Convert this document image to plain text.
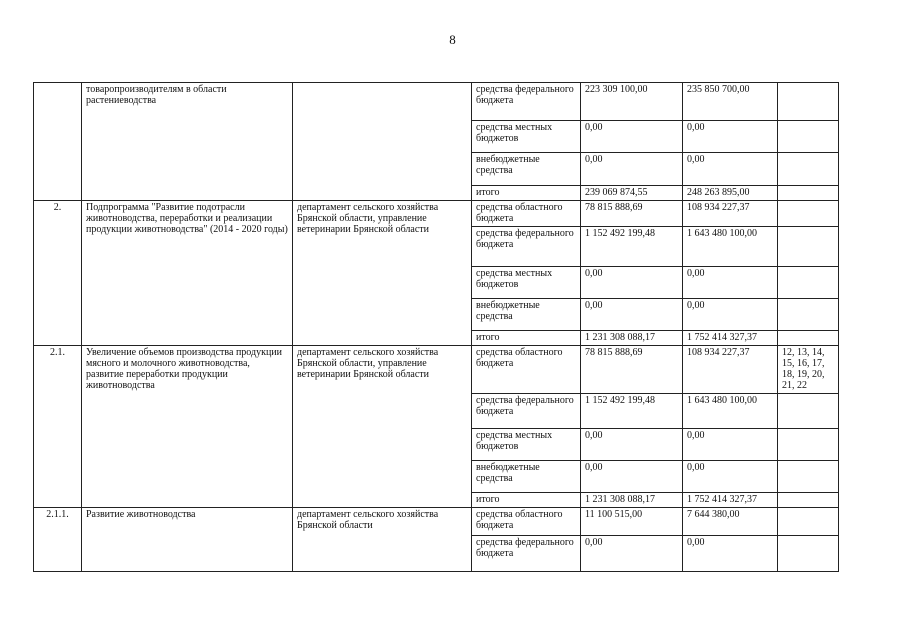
8
	товаропроизводителям в области растениеводства		средства федерального бюджета	223 309 100,00	235 850 700,00	
			средства местных бюджетов	0,00	0,00	
			внебюджетные средства	0,00	0,00	
			итого	239 069 874,55	248 263 895,00	
2.	Подпрограмма "Развитие подотрасли животноводства, переработки и реализации продукции животноводства" (2014 - 2020 годы)	департамент сельского хозяйства Брянской области, управление ветеринарии Брянской области	средства областного бюджета	78 815 888,69	108 934 227,37	
			средства федерального бюджета	1 152 492 199,48	1 643 480 100,00	
			средства местных бюджетов	0,00	0,00	
			внебюджетные средства	0,00	0,00	
			итого	1 231 308 088,17	1 752 414 327,37	
2.1.	Увеличение объемов производства продукции мясного и молочного животноводства, развитие переработки продукции животноводства	департамент сельского хозяйства Брянской области, управление ветеринарии Брянской области	средства областного бюджета	78 815 888,69	108 934 227,37	12, 13, 14, 15, 16, 17, 18, 19, 20, 21, 22
			средства федерального бюджета	1 152 492 199,48	1 643 480 100,00	
			средства местных бюджетов	0,00	0,00	
			внебюджетные средства	0,00	0,00	
			итого	1 231 308 088,17	1 752 414 327,37	
2.1.1.	Развитие животноводства	департамент сельского хозяйства Брянской области	средства областного бюджета	11 100 515,00	7 644 380,00	
			средства федерального бюджета	0,00	0,00	
